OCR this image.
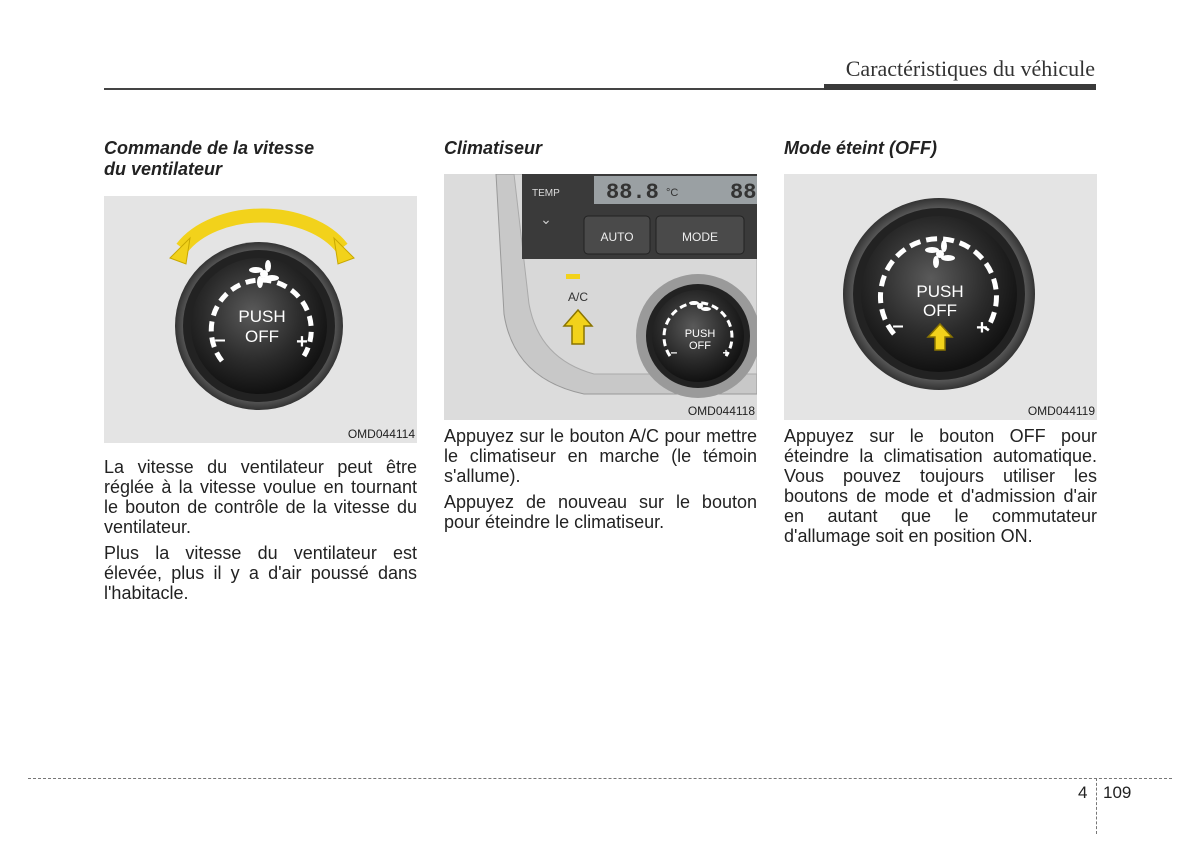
Caractéristiques du véhicule
Commande de la vitesse
du ventilateur
PUSH
OFF
–	+
OMD044114

La vitesse du ventilateur peut être réglée à la vitesse voulue en tournant le bouton de contrôle de la vitesse du ventilateur.

Plus la vitesse du ventilateur est élevée, plus il y a d'air poussé dans l'habitacle.

Climatiseur
TEMP
⌄
88.8 °C 88
AUTO	MODE
A/C
PUSH
OFF
–	+
OMD044118

Appuyez sur le bouton A/C pour mettre le climatiseur en marche (le témoin s'allume).

Appuyez de nouveau sur le bouton pour éteindre le climatiseur.

Mode éteint (OFF)
PUSH
OFF
–	+
OMD044119

Appuyez sur le bouton OFF pour éteindre la climatisation automatique. Vous pouvez toujours utiliser les boutons de mode et d'admission d'air en autant que le commutateur d'allumage soit en position ON.

4 109
